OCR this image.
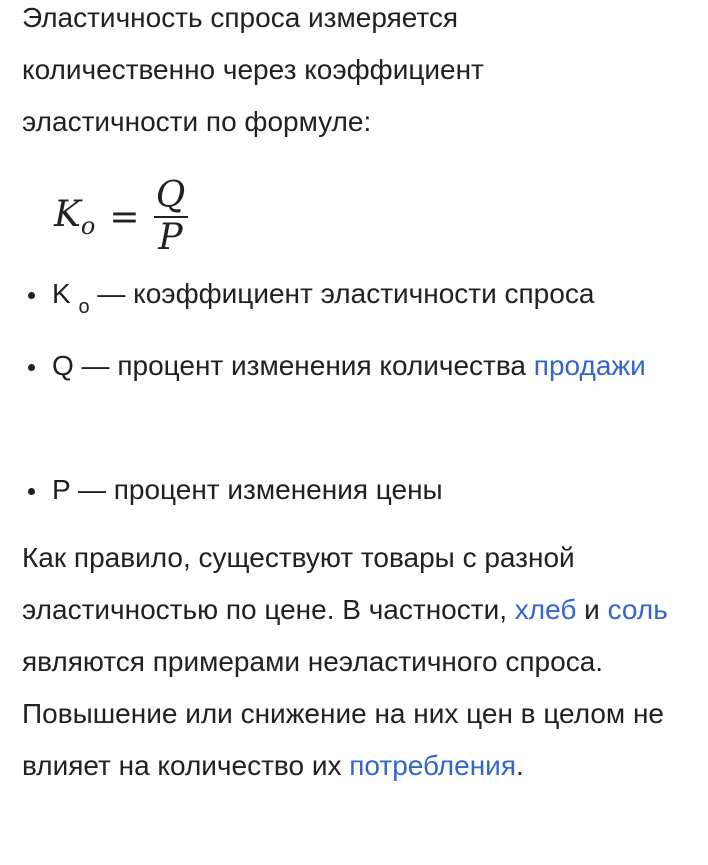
Эластичность спроса измеряется
количественно через коэффициент
эластичности по формуле:

$K_o = \frac{Q}{P}$
K $_o$ — коэффициент эластичности спроса
Q — процент изменения количества продажи
P — процент изменения цены

Как правило, существуют товары с разной эластичностью по цене. В частности, хлеб и соль являются примерами неэластичного спроса. Повышение или снижение на них цен в целом не влияет на количество их потребления.
